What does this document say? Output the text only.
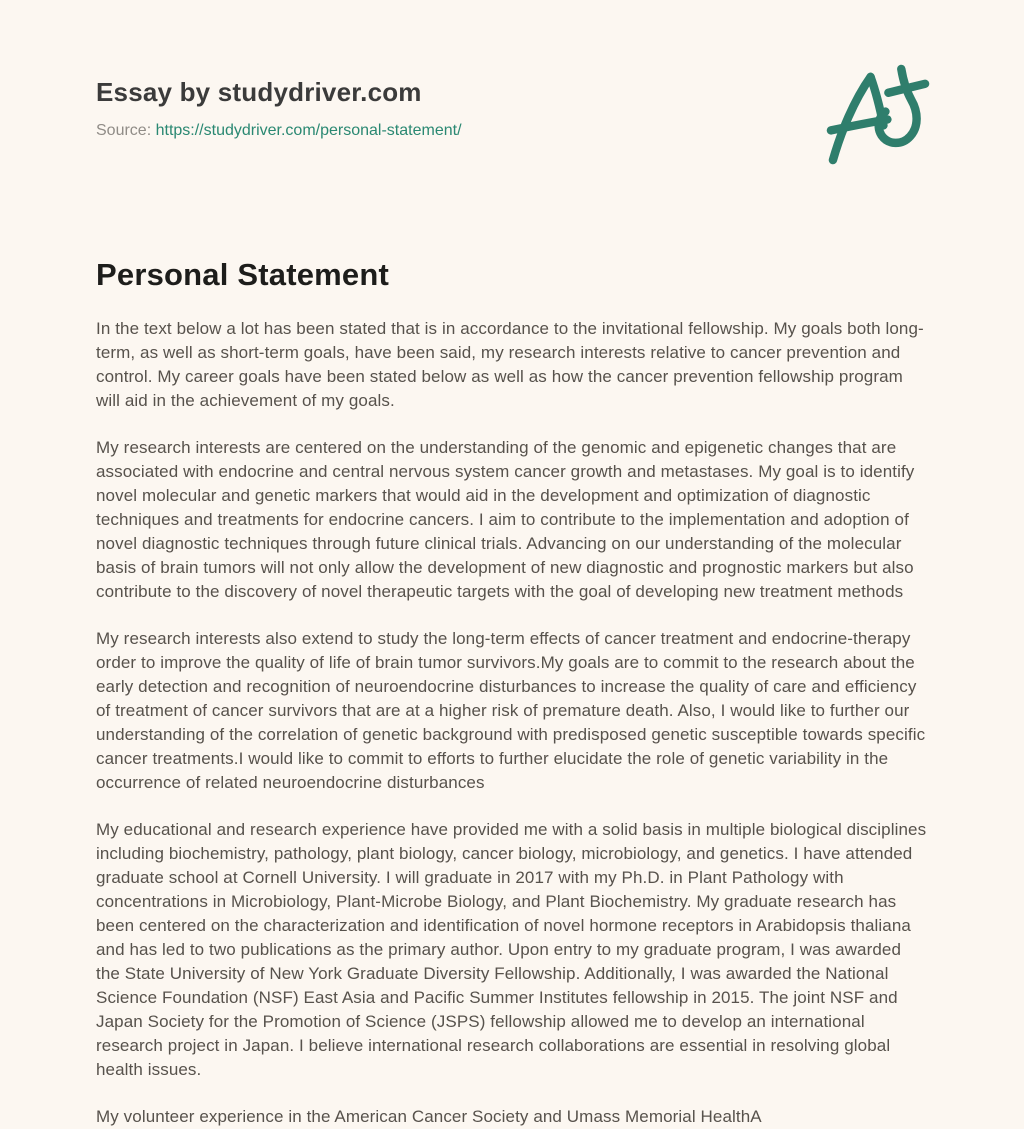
Essay by studydriver.com
Source: https://studydriver.com/personal-statement/
Personal Statement

In the text below a lot has been stated that is in accordance to the invitational fellowship. My goals both long-term, as well as short-term goals, have been said, my research interests relative to cancer prevention and control. My career goals have been stated below as well as how the cancer prevention fellowship program will aid in the achievement of my goals.

My research interests are centered on the understanding of the genomic and epigenetic changes that are associated with endocrine and central nervous system cancer growth and metastases. My goal is to identify novel molecular and genetic markers that would aid in the development and optimization of diagnostic techniques and treatments for endocrine cancers. I aim to contribute to the implementation and adoption of novel diagnostic techniques through future clinical trials. Advancing on our understanding of the molecular basis of brain tumors will not only allow the development of new diagnostic and prognostic markers but also contribute to the discovery of novel therapeutic targets with the goal of developing new treatment methods

My research interests also extend to study the long-term effects of cancer treatment and endocrine-therapy order to improve the quality of life of brain tumor survivors.My goals are to commit to the research about the early detection and recognition of neuroendocrine disturbances to increase the quality of care and efficiency of treatment of cancer survivors that are at a higher risk of premature death. Also, I would like to further our understanding of the correlation of genetic background with predisposed genetic susceptible towards specific cancer treatments.I would like to commit to efforts to further elucidate the role of genetic variability in the occurrence of related neuroendocrine disturbances

My educational and research experience have provided me with a solid basis in multiple biological disciplines including biochemistry, pathology, plant biology, cancer biology, microbiology, and genetics. I have attended graduate school at Cornell University. I will graduate in 2017 with my Ph.D. in Plant Pathology with concentrations in Microbiology, Plant-Microbe Biology, and Plant Biochemistry. My graduate research has been centered on the characterization and identification of novel hormone receptors in Arabidopsis thaliana and has led to two publications as the primary author. Upon entry to my graduate program, I was awarded the State University of New York Graduate Diversity Fellowship. Additionally, I was awarded the National Science Foundation (NSF) East Asia and Pacific Summer Institutes fellowship in 2015. The joint NSF and Japan Society for the Promotion of Science (JSPS) fellowship allowed me to develop an international research project in Japan. I believe international research collaborations are essential in resolving global health issues.

My volunteer experience in the American Cancer Society and Umass Memorial HealthA
